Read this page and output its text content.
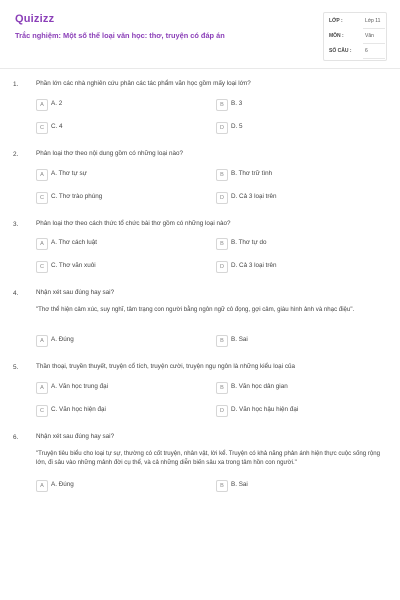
Quizizz
Trắc nghiệm: Một số thể loại văn học: thơ, truyện có đáp án
LỚP :	Lớp 11
MÔN :	Văn
SỐ CÂU :	6
1.	Phần lớn các nhà nghiên cứu phân các tác phẩm văn học gồm mấy loại lớn?
A	A. 2	B	B. 3
C	C. 4	D	D. 5
2.	Phân loại thơ theo nội dung gồm có những loại nào?
A	A. Thơ tự sự	B	B. Thơ trữ tình
C	C. Thơ trào phúng	D	D. Cả 3 loại trên
3.	Phân loại thơ theo cách thức tổ chức bài thơ gồm có những loại nào?
A	A. Thơ cách luật	B	B. Thơ tự do
C	C. Thơ văn xuôi	D	D. Cả 3 loại trên
4.	Nhận xét sau đúng hay sai?
"Thơ thể hiện cảm xúc, suy nghĩ, tâm trạng con người bằng ngôn ngữ cô đọng, gợi cảm, giàu hình ảnh và nhạc điệu".
A	A. Đúng	B	B. Sai
5.	Thần thoại, truyền thuyết, truyện cổ tích, truyện cười, truyện ngụ ngôn là những kiểu loại của
A	A. Văn học trung đại	B	B. Văn học dân gian
C	C. Văn học hiện đại	D	D. Văn học hậu hiện đại
6.	Nhận xét sau đúng hay sai?
"Truyện tiêu biểu cho loại tự sự, thường có cốt truyện, nhân vật, lời kể. Truyện có khả năng phản ánh hiện thực cuộc sống rộng lớn, đi sâu vào những mảnh đời cụ thể, và cả những diễn biến sâu xa trong tâm hồn con người."
A	A. Đúng	B	B. Sai
